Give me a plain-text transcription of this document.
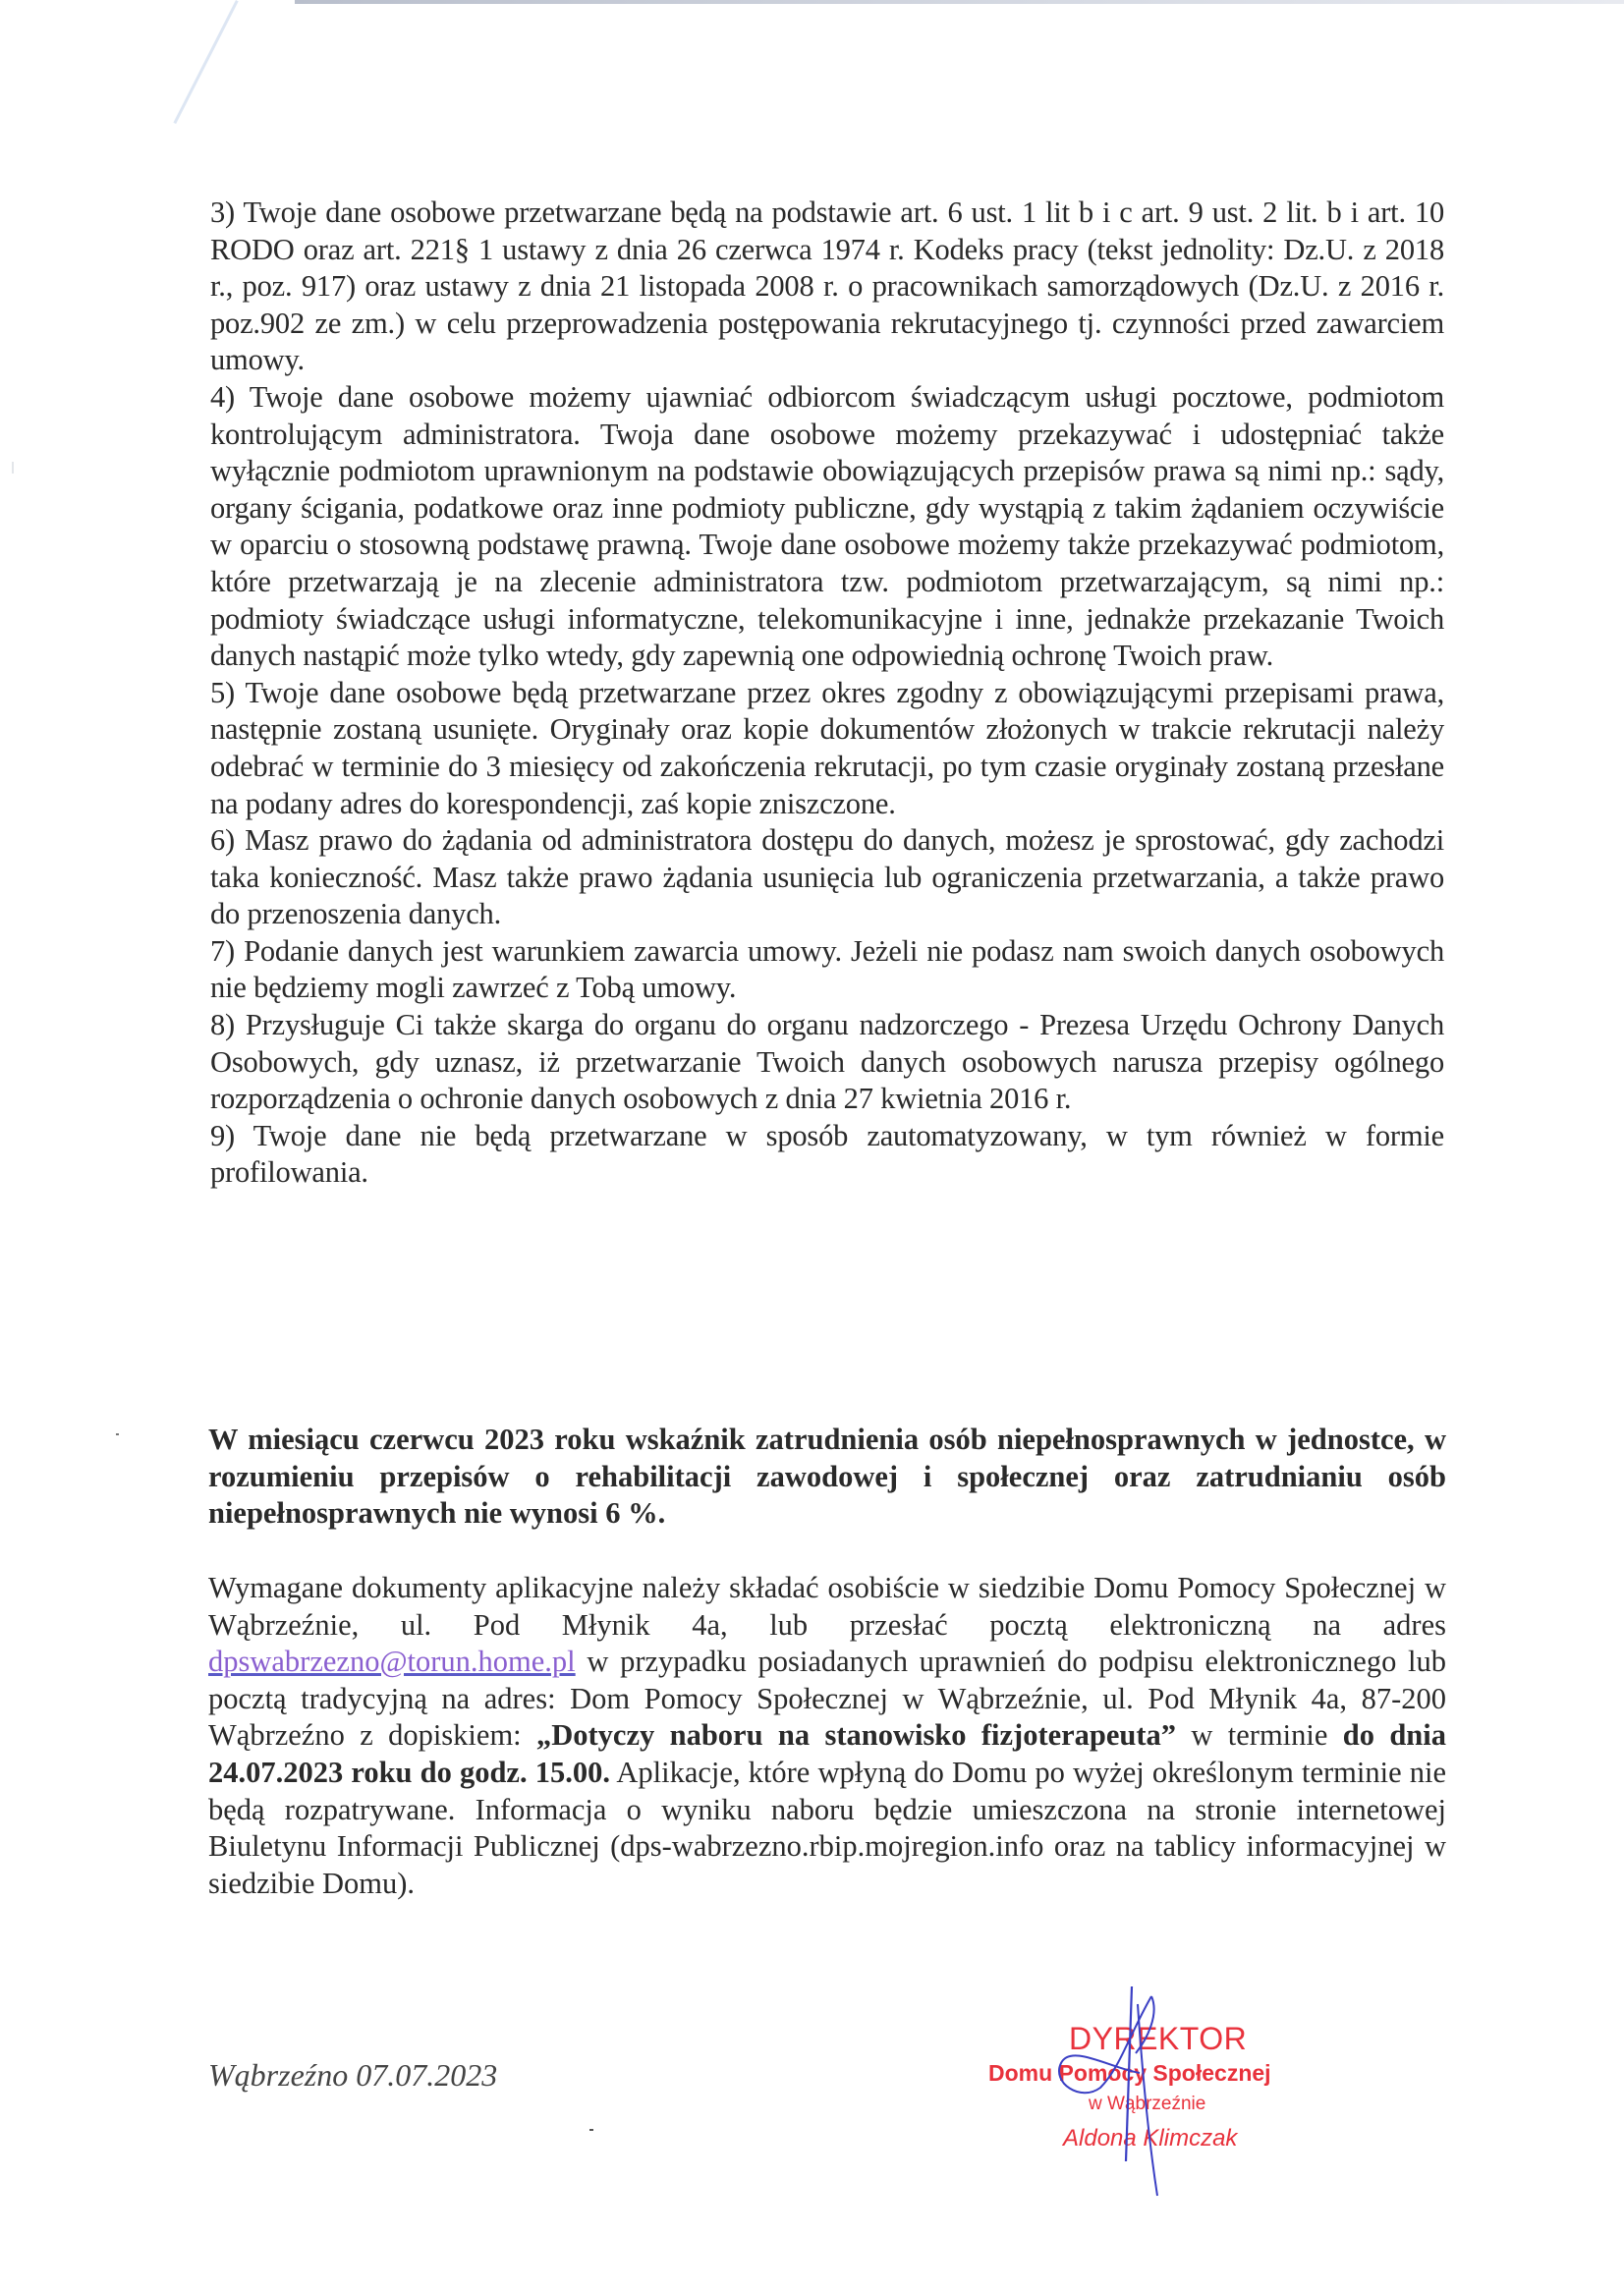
3) Twoje dane osobowe przetwarzane będą na podstawie art. 6 ust. 1 lit b i c art. 9 ust. 2 lit. b i art. 10 RODO oraz art. 221§ 1 ustawy z dnia 26 czerwca 1974 r. Kodeks pracy (tekst jednolity: Dz.U. z 2018 r., poz. 917) oraz ustawy z dnia 21 listopada 2008 r. o pracownikach samorządowych (Dz.U. z 2016 r. poz.902 ze zm.) w celu przeprowadzenia postępowania rekrutacyjnego tj. czynności przed zawarciem umowy.

4) Twoje dane osobowe możemy ujawniać odbiorcom świadczącym usługi pocztowe, podmiotom kontrolującym administratora. Twoja dane osobowe możemy przekazywać i udostępniać także wyłącznie podmiotom uprawnionym na podstawie obowiązujących przepisów prawa są nimi np.: sądy, organy ścigania, podatkowe oraz inne podmioty publiczne, gdy wystąpią z takim żądaniem oczywiście w oparciu o stosowną podstawę prawną. Twoje dane osobowe możemy także przekazywać podmiotom, które przetwarzają je na zlecenie administratora tzw. podmiotom przetwarzającym, są nimi np.: podmioty świadczące usługi informatyczne, telekomunikacyjne i inne, jednakże przekazanie Twoich danych nastąpić może tylko wtedy, gdy zapewnią one odpowiednią ochronę Twoich praw.

5) Twoje dane osobowe będą przetwarzane przez okres zgodny z obowiązującymi przepisami prawa, następnie zostaną usunięte. Oryginały oraz kopie dokumentów złożonych w trakcie rekrutacji należy odebrać w terminie do 3 miesięcy od zakończenia rekrutacji, po tym czasie oryginały zostaną przesłane na podany adres do korespondencji, zaś kopie zniszczone.

6) Masz prawo do żądania od administratora dostępu do danych, możesz je sprostować, gdy zachodzi taka konieczność. Masz także prawo żądania usunięcia lub ograniczenia przetwarzania, a także prawo do przenoszenia danych.

7) Podanie danych jest warunkiem zawarcia umowy. Jeżeli nie podasz nam swoich danych osobowych nie będziemy mogli zawrzeć z Tobą umowy.

8) Przysługuje Ci także skarga do organu do organu nadzorczego - Prezesa Urzędu Ochrony Danych Osobowych, gdy uznasz, iż przetwarzanie Twoich danych osobowych narusza przepisy ogólnego rozporządzenia o ochronie danych osobowych z dnia 27 kwietnia 2016 r.

9) Twoje dane nie będą przetwarzane w sposób zautomatyzowany, w tym również w formie profilowania.

W miesiącu czerwcu 2023 roku wskaźnik zatrudnienia osób niepełnosprawnych w jednostce, w rozumieniu przepisów o rehabilitacji zawodowej i społecznej oraz zatrudnianiu osób niepełnosprawnych nie wynosi 6 %.
Wymagane dokumenty aplikacyjne należy składać osobiście w siedzibie Domu Pomocy Społecznej w Wąbrzeźnie, ul. Pod Młynik 4a, lub przesłać pocztą elektroniczną na adres dpswabrzezno@torun.home.pl w przypadku posiadanych uprawnień do podpisu elektronicznego lub pocztą tradycyjną na adres: Dom Pomocy Społecznej w Wąbrzeźnie, ul. Pod Młynik 4a, 87-200 Wąbrzeźno z dopiskiem: „Dotyczy naboru na stanowisko fizjoterapeuta” w terminie do dnia 24.07.2023 roku do godz. 15.00. Aplikacje, które wpłyną do Domu po wyżej określonym terminie nie będą rozpatrywane. Informacja o wyniku naboru będzie umieszczona na stronie internetowej Biuletynu Informacji Publicznej (dps-wabrzezno.rbip.mojregion.info oraz na tablicy informacyjnej w siedzibie Domu).
Wąbrzeźno 07.07.2023
DYREKTOR
Domu Pomocy Społecznej
w Wąbrzeźnie
Aldona Klimczak
